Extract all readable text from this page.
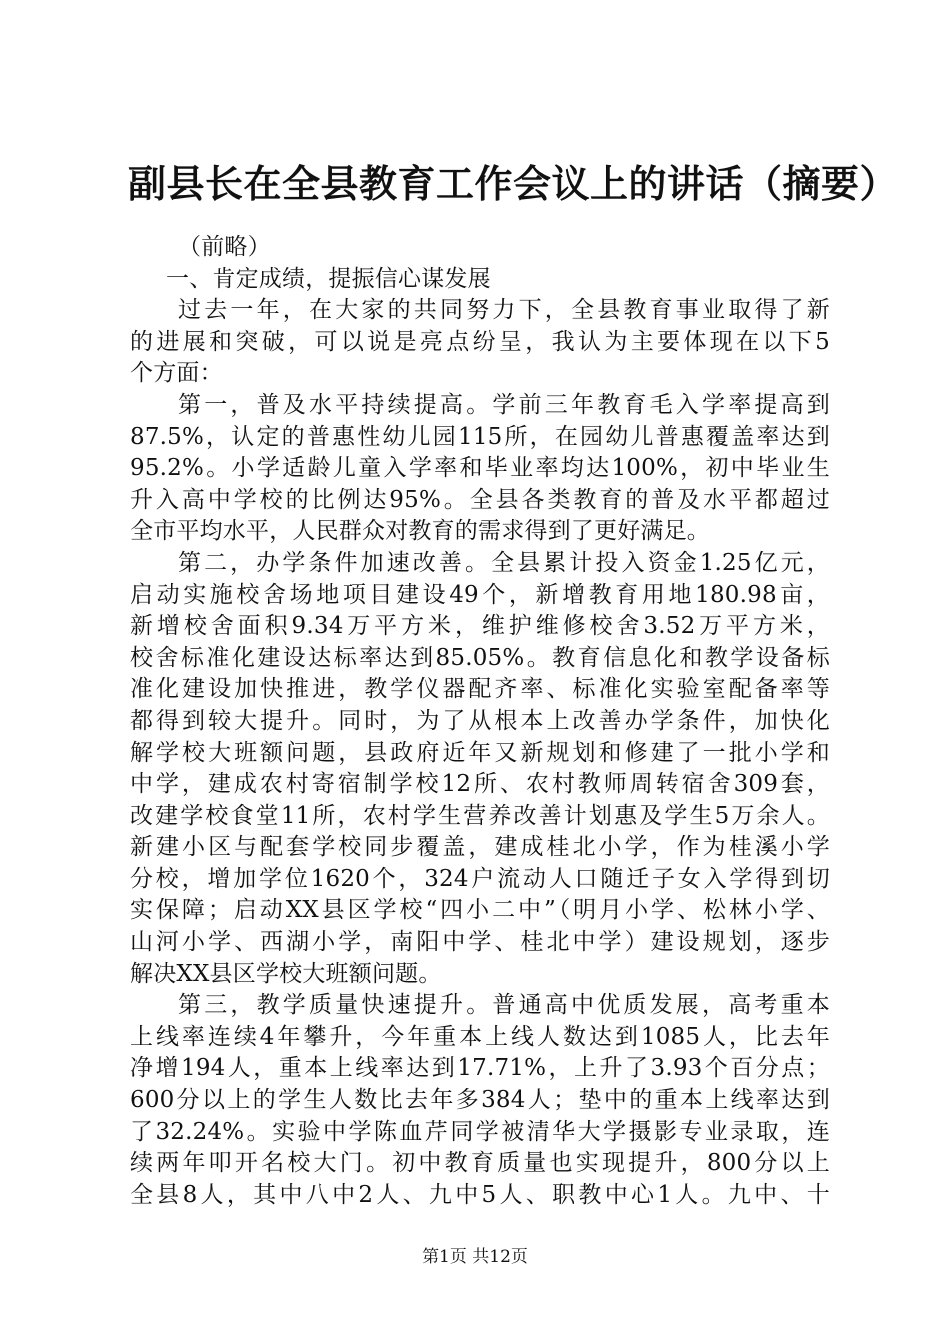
副县长在全县教育工作会议上的讲话（摘要）
（前略）
一、肯定成绩，提振信心谋发展
过去一年，在大家的共同努力下，全县教育事业取得了新
的进展和突破，可以说是亮点纷呈，我认为主要体现在以下5
个方面：
第一，普及水平持续提高。学前三年教育毛入学率提高到
87.5%，认定的普惠性幼儿园115所，在园幼儿普惠覆盖率达到
95.2%。小学适龄儿童入学率和毕业率均达100%，初中毕业生
升入高中学校的比例达95%。全县各类教育的普及水平都超过
全市平均水平，人民群众对教育的需求得到了更好满足。
第二，办学条件加速改善。全县累计投入资金1.25亿元，
启动实施校舍场地项目建设49个，新增教育用地180.98亩，
新增校舍面积9.34万平方米，维护维修校舍3.52万平方米，
校舍标准化建设达标率达到85.05%。教育信息化和教学设备标
准化建设加快推进，教学仪器配齐率、标准化实验室配备率等
都得到较大提升。同时，为了从根本上改善办学条件，加快化
解学校大班额问题，县政府近年又新规划和修建了一批小学和
中学，建成农村寄宿制学校12所、农村教师周转宿舍309套，
改建学校食堂11所，农村学生营养改善计划惠及学生5万余人。
新建小区与配套学校同步覆盖，建成桂北小学，作为桂溪小学
分校，增加学位1620个，324户流动人口随迁子女入学得到切
实保障；启动XX县区学校“四小二中”（明月小学、松林小学、
山河小学、西湖小学，南阳中学、桂北中学）建设规划，逐步
解决XX县区学校大班额问题。
第三，教学质量快速提升。普通高中优质发展，高考重本
上线率连续4年攀升，今年重本上线人数达到1085人，比去年
净增194人，重本上线率达到17.71%，上升了3.93个百分点；
600分以上的学生人数比去年多384人；垫中的重本上线率达到
了32.24%。实验中学陈血芹同学被清华大学摄影专业录取，连
续两年叩开名校大门。初中教育质量也实现提升，800分以上
全县8人，其中八中2人、九中5人、职教中心1人。九中、十
第1页 共12页
